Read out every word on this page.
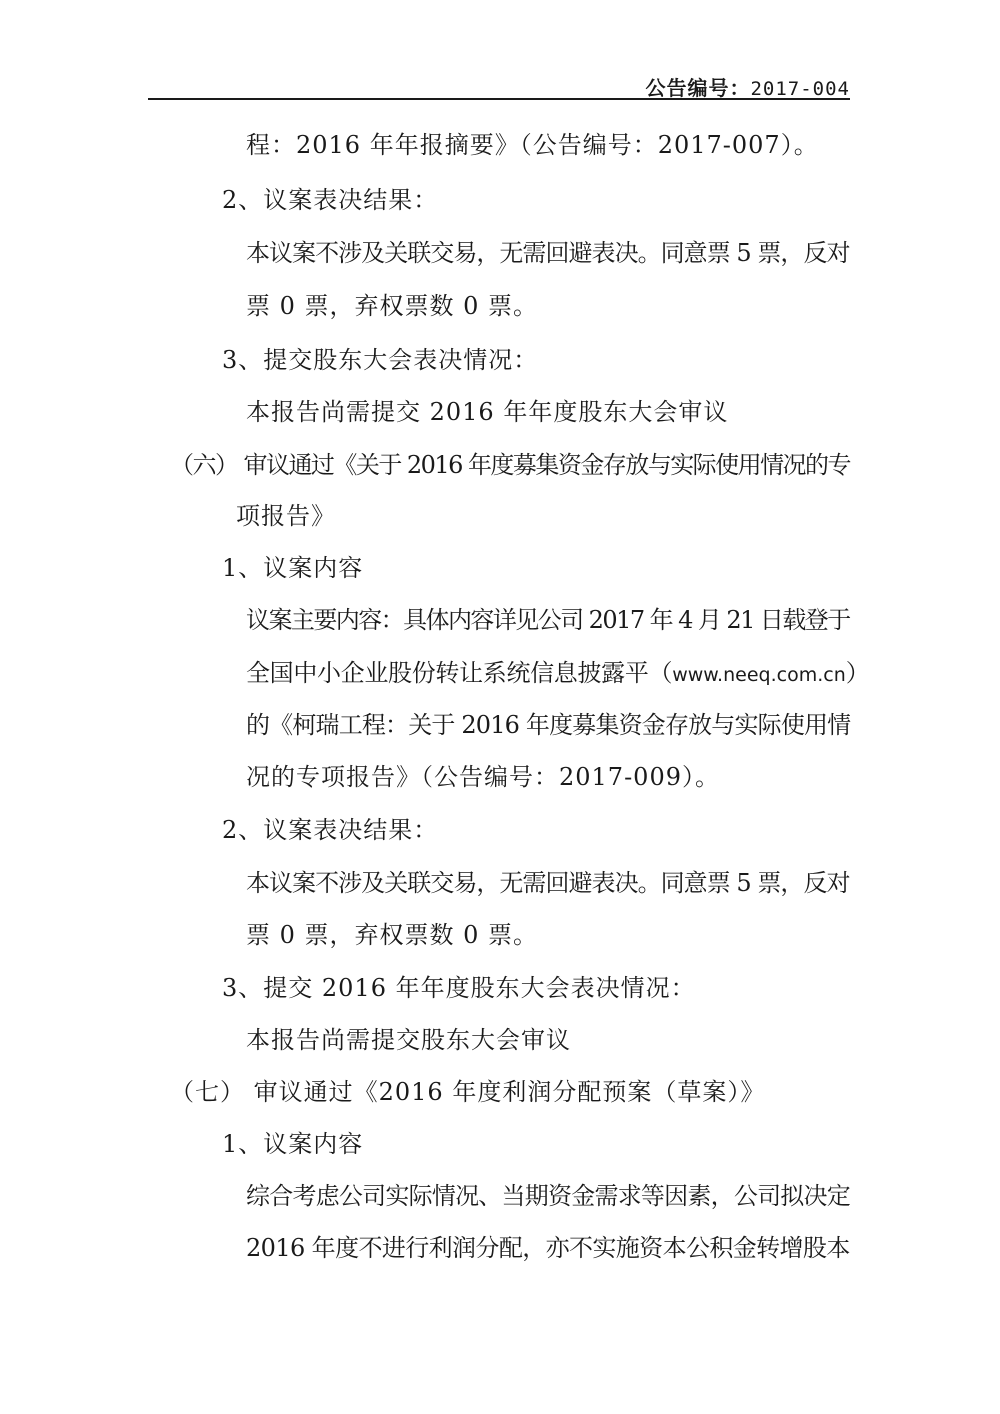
公告编号：2017-004
程：2016 年年报摘要》（公告编号：2017-007）。
2、议案表决结果：
本议案不涉及关联交易，无需回避表决。同意票 5 票，反对
票 0 票，弃权票数 0 票。
3、提交股东大会表决情况：
本报告尚需提交 2016 年年度股东大会审议
（六） 审议通过《关于 2016 年度募集资金存放与实际使用情况的专
项报告》
1、议案内容
议案主要内容：具体内容详见公司 2017 年 4 月 21 日载登于
全国中小企业股份转让系统信息披露平（www.neeq.com.cn）
的《柯瑞工程：关于 2016 年度募集资金存放与实际使用情
况的专项报告》（公告编号：2017-009）。
2、议案表决结果：
本议案不涉及关联交易，无需回避表决。同意票 5 票，反对
票 0 票，弃权票数 0 票。
3、提交 2016 年年度股东大会表决情况：
本报告尚需提交股东大会审议
（七） 审议通过《2016 年度利润分配预案（草案）》
1、议案内容
综合考虑公司实际情况、当期资金需求等因素，公司拟决定
2016 年度不进行利润分配，亦不实施资本公积金转增股本
